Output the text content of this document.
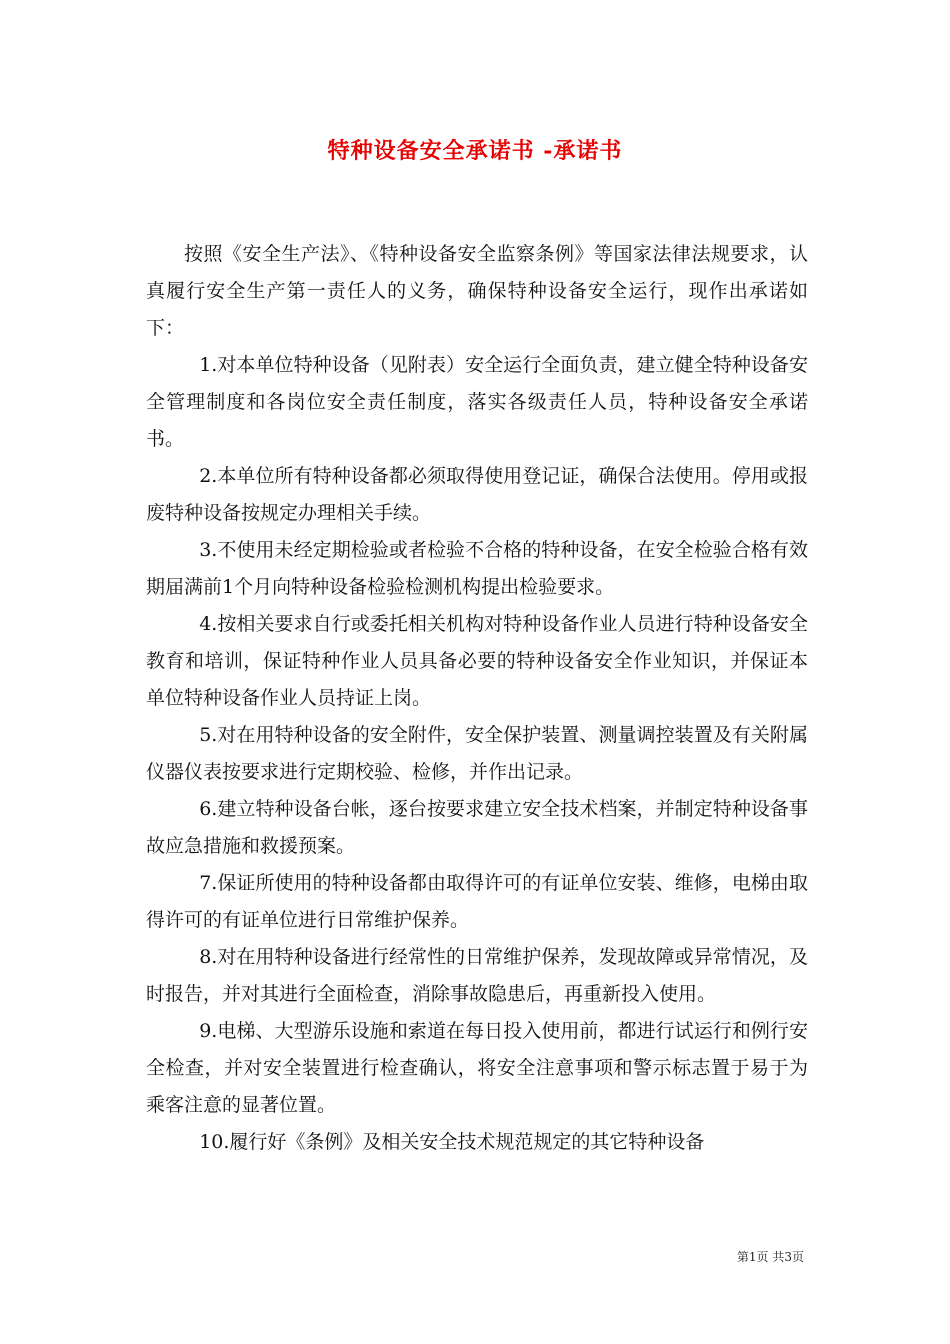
特种设备安全承诺书 -承诺书

按照《安全生产法》、《特种设备安全监察条例》等国家法律法规要求，认真履行安全生产第一责任人的义务，确保特种设备安全运行，现作出承诺如下：

1.对本单位特种设备（见附表）安全运行全面负责，建立健全特种设备安全管理制度和各岗位安全责任制度，落实各级责任人员，特种设备安全承诺书。

2.本单位所有特种设备都必须取得使用登记证，确保合法使用。停用或报废特种设备按规定办理相关手续。

3.不使用未经定期检验或者检验不合格的特种设备，在安全检验合格有效期届满前1个月向特种设备检验检测机构提出检验要求。

4.按相关要求自行或委托相关机构对特种设备作业人员进行特种设备安全教育和培训，保证特种作业人员具备必要的特种设备安全作业知识，并保证本单位特种设备作业人员持证上岗。

5.对在用特种设备的安全附件，安全保护装置、测量调控装置及有关附属仪器仪表按要求进行定期校验、检修，并作出记录。

6.建立特种设备台帐，逐台按要求建立安全技术档案，并制定特种设备事故应急措施和救援预案。

7.保证所使用的特种设备都由取得许可的有证单位安装、维修，电梯由取得许可的有证单位进行日常维护保养。

8.对在用特种设备进行经常性的日常维护保养，发现故障或异常情况，及时报告，并对其进行全面检查，消除事故隐患后，再重新投入使用。

9.电梯、大型游乐设施和索道在每日投入使用前，都进行试运行和例行安全检查，并对安全装置进行检查确认，将安全注意事项和警示标志置于易于为乘客注意的显著位置。

10.履行好《条例》及相关安全技术规范规定的其它特种设备

第1页 共3页
